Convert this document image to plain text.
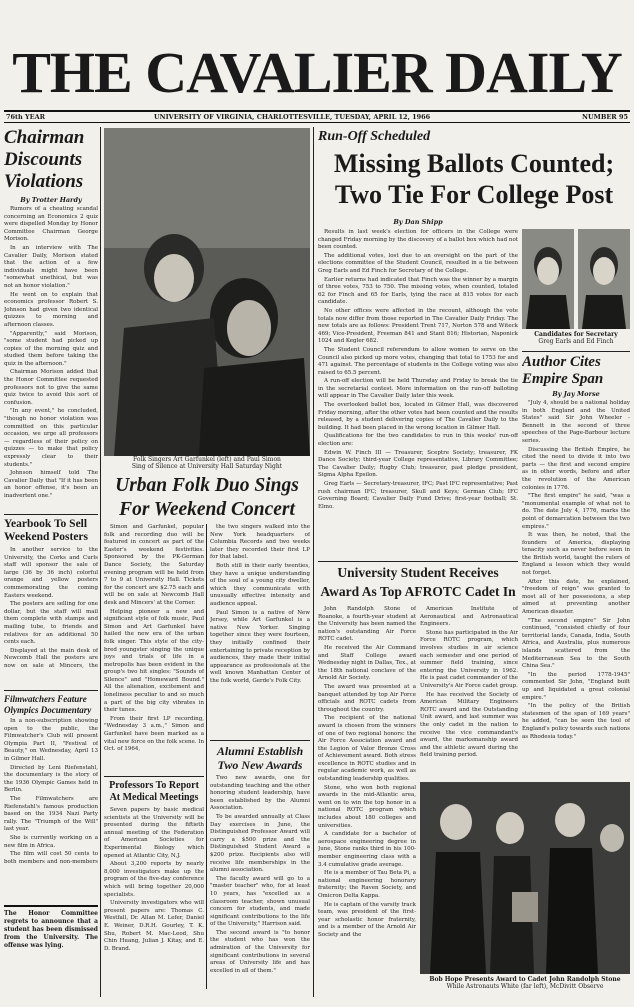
THE CAVALIER DAILY
76th YEAR	UNIVERSITY OF VIRGINIA, CHARLOTTESVILLE, TUESDAY, APRIL 12, 1966	NUMBER 95
Chairman Discounts Violations
By Trotter Hardy
Rumors of a cheating scandal concerning an Economics 2 quiz were dispelled Monday by Honor Committee Chairman George Morison.
In an interview with The Cavalier Daily, Morison stated that the action of a few individuals might have been "somewhat unethical, but was not an honor violation."
He went on to explain that economics professor Robert S. Johnson had given two identical quizzes to morning and afternoon classes.
"Apparently," said Morison, "some student had picked up copies of the morning quiz and studied them before taking the quiz in the afternoon."
Chairman Morison added that the Honor Committee requested professors not to give the same quiz twice to avoid this sort of confusion.
"In any event," he concluded, "though no honor violation was committed on this particular occasion, we urge all professors — regardless of their policy on quizzes — to make that policy expressly clear to their students."
Johnson himself told The Cavalier Daily that "If it has been an honor offense, it's been an inadvertent one."
Yearbook To Sell Weekend Posters
In another service to the University, the Corks and Curls staff will sponsor the sale of large (36 by 36 inch) colorful orange and yellow posters commemorating the coming Easters weekend.
The posters are selling for one dollar, but the staff will mail them complete with stamps and mailing tube, to friends and relatives for an additional 50 cents each.
Displayed at the main desk of Newcomb Hall the posters are now on sale at Mincers, the
Filmwatchers Feature Olympics Documentary
In a non-subscription showing open to the public, the Filmwatcher's Club will present Olympia Part II, "Festival of Beauty," on Wednesday, April 13 in Gilmer Hall.
Directed by Leni Riefenstahl, the documentary is the story of the 1936 Olympic Games held in Berlin.
The Filmwatchers are Riefenstahl's famous production based on the 1934 Nazi Party rally. The "Triumph of the Will" last year.
She is currently working on a new film in Africa.
The film will cost 50 cents to both members and non-members
The Honor Committee regrets to announce that a student has been dismissed from the University. The offense was lying.
Folk Singers Art Garfunkel (left) and Paul Simon
Sing of Silence at University Hall Saturday Night
Urban Folk Duo Sings For Weekend Concert
Simon and Garfunkel, popular folk and recording duo will be featured in concert as part of the Easter's weekend festivities. Sponsored by the PK-German Dance Society, the Saturday evening program will be held from 7 to 9 at University Hall. Tickets for the concert are $2.75 each and will be on sale at Newcomb Hall desk and Mincers' at the Corner.
Helping pioneer a new and significant style of folk music, Paul Simon and Art Garfunkel have hailed the new era of the urban folk singer. This style of the city-bred youngster singing the unique joys and trials of life in a metropolis has been evident in the group's two hit singles: "Sounds of Silence" and "Homeward Bound." All the alienation, excitement and loneliness peculiar to and so much a part of the big city vibrates in their tunes.
From their first LP recording, "Wednesday 3 a.m.," Simon and Garfunkel have been marked as a vital new force on the folk scene. In Oct. of 1964,
the two singers walked into the New York headquarters of Columbia Records and two weeks later they recorded their first LP for that label.
Both still in their early twenties, they have a unique understanding of the soul of a young city dweller, which they communicate with unusually effective intensity and audience appeal.
Paul Simon is a native of New Jersey, while Art Garfunkel is a native New Yorker. Singing together since they were fourteen, they initially confined their entertaining to private reception by audiences, they made their initial appearance as professionals at the well known Manhattan Center of the folk world, Gerde's Folk City.
Professors To Report At Medical Meetings
Seven papers by basic medical scientists at the University will be presented during the fiftieth annual meeting of the Federation of American Societies for Experimental Biology which opened at Atlantic City, N.J.
About 3,200 reports by nearly 8,000 investigators make up the program of the five-day conference which will bring together 20,000 specialists.
University investigators who will present papers are: Thomas C. Westfall, Dr. Allan M. Lefer, Daniel E. Weiner, D.R.H. Gourley, T. K. Shu, Robert M. Mac-Leod, Shu Chin Huang, Julian J. Kitay, and E. D. Brand.
Alumni Establish Two New Awards
Two new awards, one for outstanding teaching and the other honoring student leadership, have been established by the Alumni Association.
To be awarded annually at Class Day exercises in June, the Distinguished Professor Award will carry a $500 prize and the Distinguished Student Award a $200 prize. Recipients also will receive life memberships in the alumni association.
The faculty award will go to a "master teacher" who, for at least 10 years, has "excelled as a classroom teacher, shown unusual concern for students, and made significant contributions to the life of the University," Harrison said.
The second award is "to honor the student who has won the admiration of the University for significant contributions in several areas of University life and has excelled in all of them."
Run-Off Scheduled
Missing Ballots Counted; Two Tie For College Post
By Dan Shipp
Results in last week's election for officers in the College were changed Friday morning by the discovery of a ballot box which had not been counted.
The additional votes, lost due to an oversight on the part of the elections committee of the Student Council, resulted in a tie between Greg Earls and Ed Finch for Secretary of the College.
Earlier returns had indicated that Finch was the winner by a margin of three votes, 753 to 750. The missing votes, when counted, totaled 62 for Finch and 65 for Earls, tying the race at 815 votes for each candidate.
No other offices were affected in the recount, although the vote totals now differ from those reported in The Cavalier Daily Friday. The new totals are as follows: President Trent 717, Norton 578 and Witeck 469; Vice-President, Freeman 841 and Stant 816; Historian, Naponick 1024 and Kegler 682.
The Student Council referendum to allow women to serve on the Council also picked up more votes, changing that total to 1753 for and 471 against. The percentage of students in the College voting was also raised to 65.5 percent.
A run-off election will be held Thursday and Friday to break the tie in the secretarial contest. More information on the run-off balloting will appear in The Cavalier Daily later this week.
The overlooked ballot box, located in Gilmer Hall, was discovered Friday morning, after the other votes had been counted and the results released, by a student delivering copies of The Cavalier Daily to the building. It had been placed in the wrong location in Gilmer Hall.
Qualifications for the two candidates to run in this weeks' run-off election are:
Edwin W. Finch III — Treasurer, Sceptre Society; treasurer, FK Dance Society; third-year College representative, Library Committee; The Cavalier Daily; Rugby Club; treasurer, past pledge president, Sigma Alpha Epsilon.
Greg Earls — Secretary-treasurer, IFC; Past IFC representative; Past rush chairman IFC; treasurer, Skull and Keys; German Club; IFC Governing Board; Cavalier Daily Fund Drive; first-year football; St. Elmo.
Candidates for Secretary
Greg Earls and Ed Finch
Author Cites Empire Span
By Jay Morse
"July 4, should be a national holiday in both England and the United States" said Sir John Wheeler - Bennett in the second of three speeches of the Page-Barbour lecture series.
Discussing the British Empire, he cited the need to divide it into two parts — the first and second empire as in other words, before and after the revolution of the American colonies in 1776.
"The first empire" he said, "was a "monumental example of what not to do. The date July 4, 1776, marks the point of demarcation between the two empires."
It was then, he noted, that the founders of America, displaying tenacity such as never before seen in the British world, taught the rulers of England a lesson which they would not forget.
After this date, he explained, "freedom of reign" was granted to most all of her possessions, a step aimed at preventing another American disaster.
"The second empire" Sir John continued, "consisted chiefly of four territorial lands, Canada, India, South Africa, and Australia, plus numerous islands scattered from the Mediterranean Sea to the South China Sea."
"In the period 1778-1945" commented Sir John, "England built up and liquidated a great colonial empire."
"In the policy of the British statesmen of the span of 169 years" he added, "can be seen the tool of England's policy towards such nations as Rhodesia today."
University Student Receives Award As Top AFROTC Cadet In
John Randolph Stone of Roanoke, a fourth-year student at the University has been named the nation's outstanding Air Force ROTC cadet.
He received the Air Command and Staff College award Wednesday night in Dallas, Tex., at the 18th national conclave of the Arnold Air Society.
The award was presented at a banquet attended by top Air Force officials and ROTC cadets from throughout the country.
The recipient of the national award is chosen from the winners of one of two regional honors: the Air Force Association award and the Legion of Valor Bronze Cross of Achievement award. Both stress excellence in ROTC studies and in regular academic work, as well as outstanding leadership qualities.
Stone, who won both regional awards in the mid-Atlantic area, went on to win the top honor in a national ROTC program which includes about 180 colleges and universities.
A candidate for a bachelor of aerospace engineering degree in June, Stone ranks third in his 100-member engineering class with a 3.4 cumulative grade average.
He is a member of Tau Beta Pi, a national engineering honorary fraternity; the Raven Society, and Omicron Delta Kappa.
He is captain of the varsity track team, was president of the first-year scholastic honor fraternity, and is a member of the Arnold Air Society and the
American Institute of Aeronautical and Astronautical Engineers.
Stone has participated in the Air Force ROTC program, which involves studies in air science each semester and one period of summer field training, since entering the University in 1962. He is past cadet commander of the University's Air Force cadet group.
He has received the Society of American Military Engineers ROTC award and the Outstanding Unit award, and last summer was the only cadet in the nation to receive the vice commandant's award, the marksmanship award and the athletic award during the field training period.
Bob Hope Presents Award to Cadet John Randolph Stone
While Astronauts White (far left), McDivitt Observe
